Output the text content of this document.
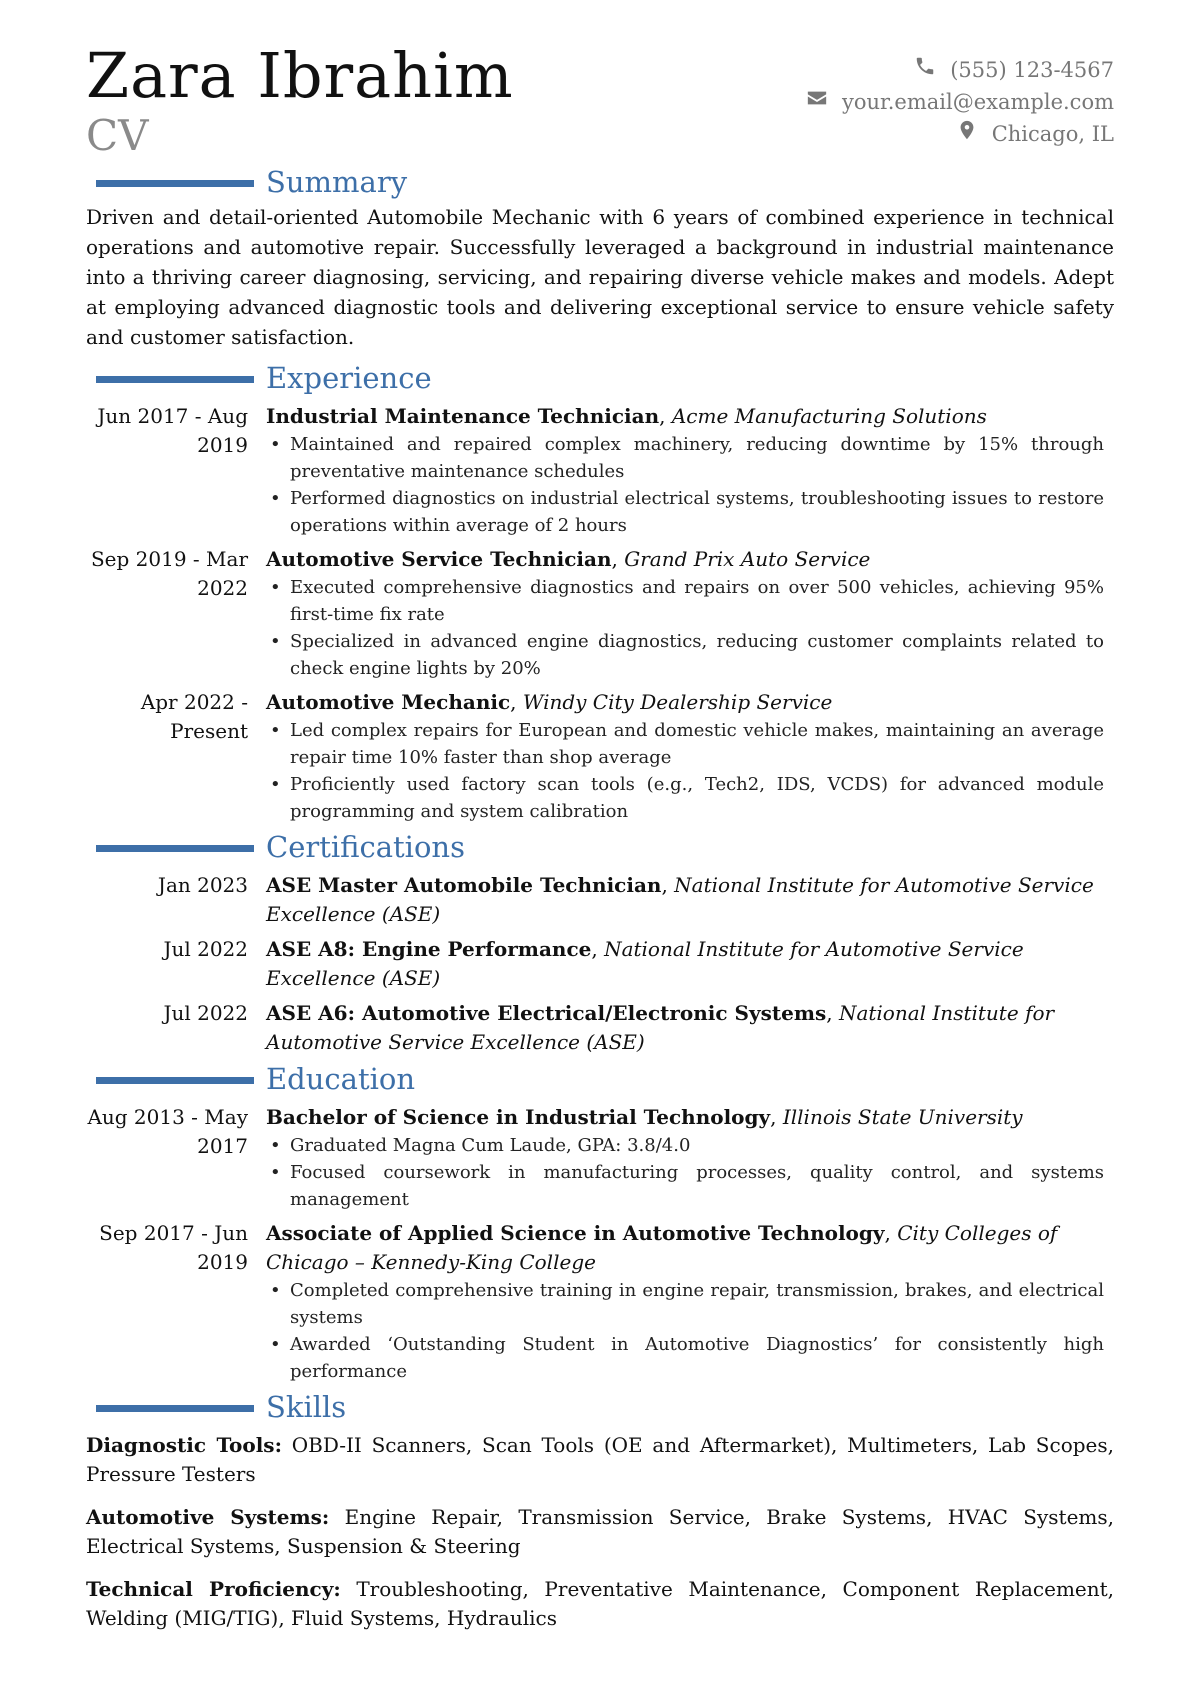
Zara Ibrahim
CV
(555) 123-4567
your.email@example.com
Chicago, IL
Summary
Driven and detail-oriented Automobile Mechanic with 6 years of combined experience in technical operations and automotive repair. Successfully leveraged a background in industrial maintenance into a thriving career diagnosing, servicing, and repairing diverse vehicle makes and models. Adept at employing advanced diagnostic tools and delivering exceptional service to ensure vehicle safety and customer satisfaction.
Experience
Jun 2017 - Aug 2019
Industrial Maintenance Technician, Acme Manufacturing Solutions
• Maintained and repaired complex machinery, reducing downtime by 15% through preventative maintenance schedules
• Performed diagnostics on industrial electrical systems, troubleshooting issues to restore operations within average of 2 hours
Sep 2019 - Mar 2022
Automotive Service Technician, Grand Prix Auto Service
• Executed comprehensive diagnostics and repairs on over 500 vehicles, achieving 95% first-time fix rate
• Specialized in advanced engine diagnostics, reducing customer complaints related to check engine lights by 20%
Apr 2022 - Present
Automotive Mechanic, Windy City Dealership Service
• Led complex repairs for European and domestic vehicle makes, maintaining an average repair time 10% faster than shop average
• Proficiently used factory scan tools (e.g., Tech2, IDS, VCDS) for advanced module programming and system calibration
Certifications
Jan 2023 ASE Master Automobile Technician, National Institute for Automotive Service Excellence (ASE)
Jul 2022 ASE A8: Engine Performance, National Institute for Automotive Service Excellence (ASE)
Jul 2022 ASE A6: Automotive Electrical/Electronic Systems, National Institute for Automotive Service Excellence (ASE)
Education
Aug 2013 - May 2017
Bachelor of Science in Industrial Technology, Illinois State University
• Graduated Magna Cum Laude, GPA: 3.8/4.0
• Focused coursework in manufacturing processes, quality control, and systems management
Sep 2017 - Jun 2019
Associate of Applied Science in Automotive Technology, City Colleges of Chicago – Kennedy-King College
• Completed comprehensive training in engine repair, transmission, brakes, and electrical systems
• Awarded ‘Outstanding Student in Automotive Diagnostics’ for consistently high performance
Skills
Diagnostic Tools: OBD-II Scanners, Scan Tools (OE and Aftermarket), Multimeters, Lab Scopes, Pressure Testers
Automotive Systems: Engine Repair, Transmission Service, Brake Systems, HVAC Systems, Electrical Systems, Suspension & Steering
Technical Proficiency: Troubleshooting, Preventative Maintenance, Component Replacement, Welding (MIG/TIG), Fluid Systems, Hydraulics
